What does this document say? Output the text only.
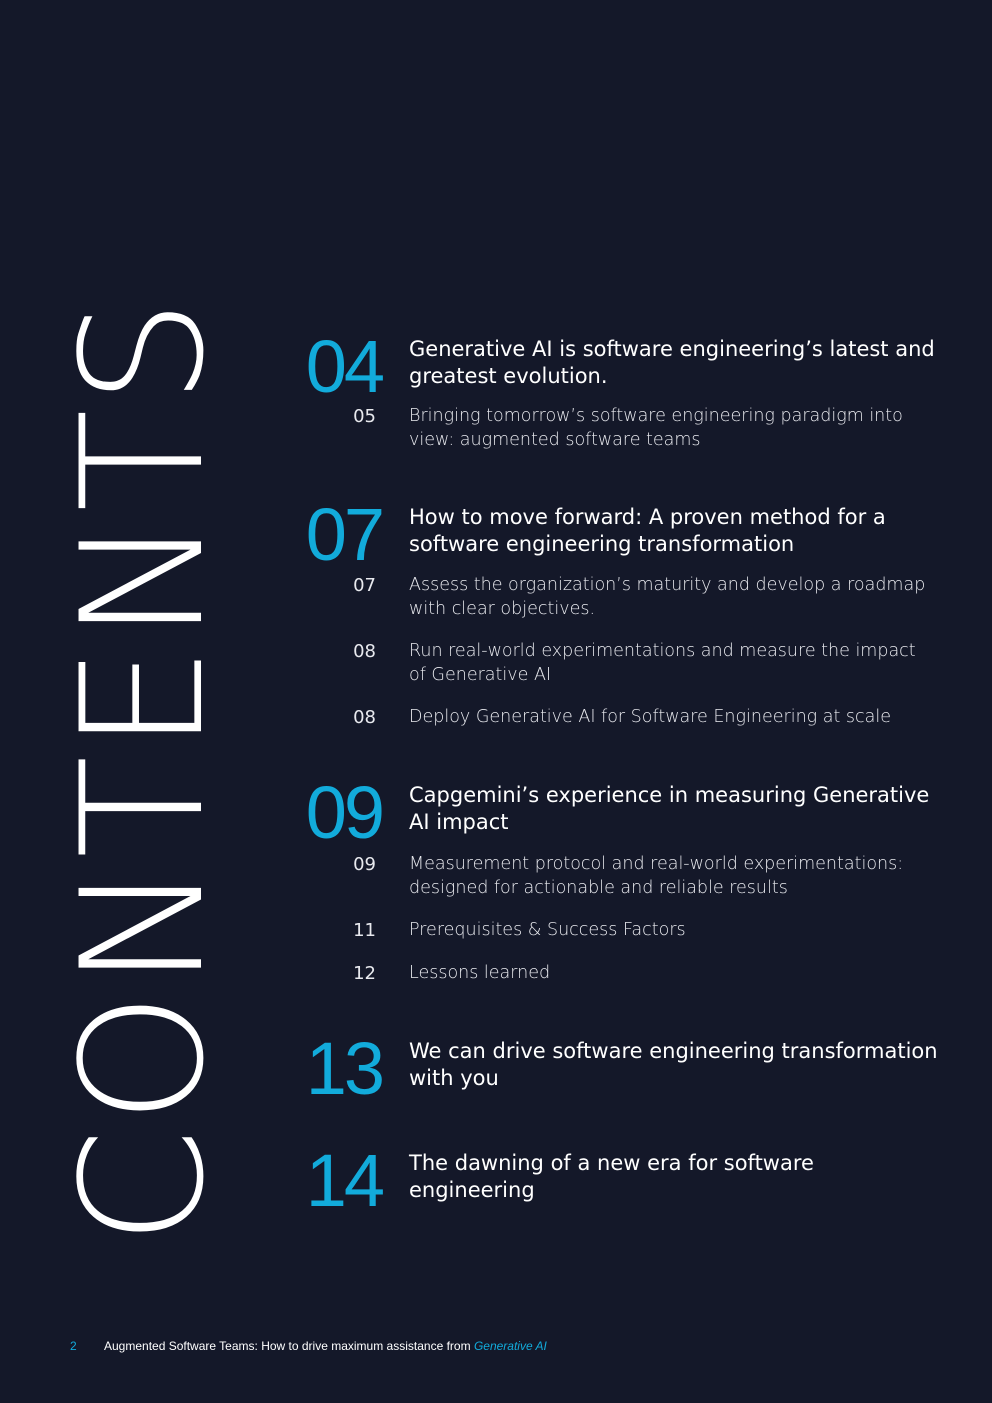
CONTENTS 04 Generative AI is software engineering’s latest and greatest evolution.
05 Bringing tomorrow’s software engineering paradigm into view: augmented software teams
07 How to move forward: A proven method for a software engineering transformation
07 Assess the organization’s maturity and develop a roadmap with clear objectives.
08 Run real-world experimentations and measure the impact of Generative AI
08 Deploy Generative AI for Software Engineering at scale
09 Capgemini’s experience in measuring Generative AI impact
09 Measurement protocol and real-world experimentations: designed for actionable and reliable results
11 Prerequisites & Success Factors
12 Lessons learned
13 We can drive software engineering transformation with you
14 The dawning of a new era for software engineering
2 Augmented Software Teams: How to drive maximum assistance from Generative AI
